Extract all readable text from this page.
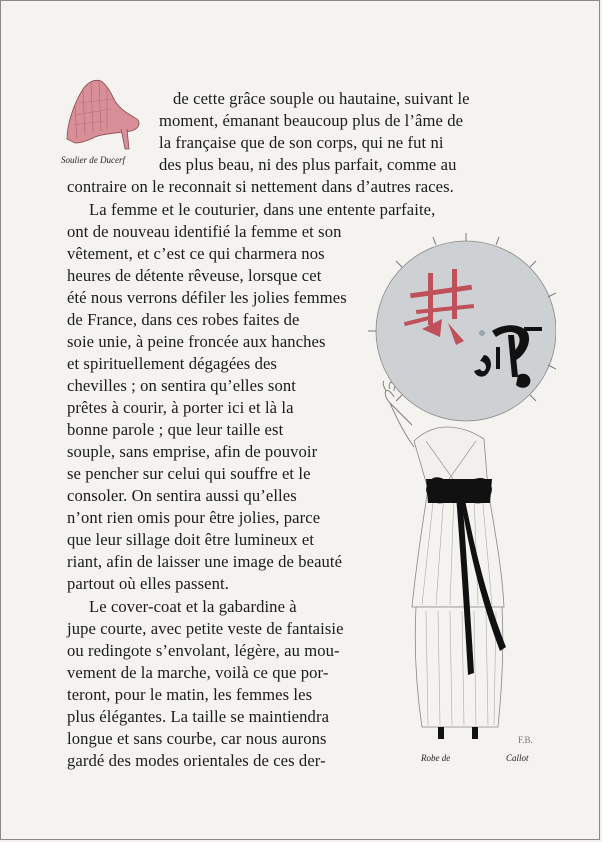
Soulier de Ducerf
de cette grâce souple ou hautaine, suivant le
moment, émanant beaucoup plus de l’âme de
la française que de son corps, qui ne fut ni
des plus beau, ni des plus parfait, comme au
contraire on le reconnait si nettement dans d’autres races.
La femme et le couturier, dans une entente parfaite,
ont de nouveau identifié la femme et son
vêtement, et c’est ce qui charmera nos
heures de détente rêveuse, lorsque cet
été nous verrons défiler les jolies femmes
de France, dans ces robes faites de
soie unie, à peine froncée aux hanches
et spirituellement dégagées des
chevilles ; on sentira qu’elles sont
prêtes à courir, à porter ici et là la
bonne parole ; que leur taille est
souple, sans emprise, afin de pouvoir
se pencher sur celui qui souffre et le
consoler. On sentira aussi qu’elles
n’ont rien omis pour être jolies, parce
que leur sillage doit être lumineux et
riant, afin de laisser une image de beauté
partout où elles passent.
Le cover-coat et la gabardine à
jupe courte, avec petite veste de fantaisie
ou redingote s’envolant, légère, au mou-
vement de la marche, voilà ce que por-
teront, pour le matin, les femmes les
plus élégantes. La taille se maintiendra
longue et sans courbe, car nous aurons
gardé des modes orientales de ces der-
F.B.
Robe de	Callot
